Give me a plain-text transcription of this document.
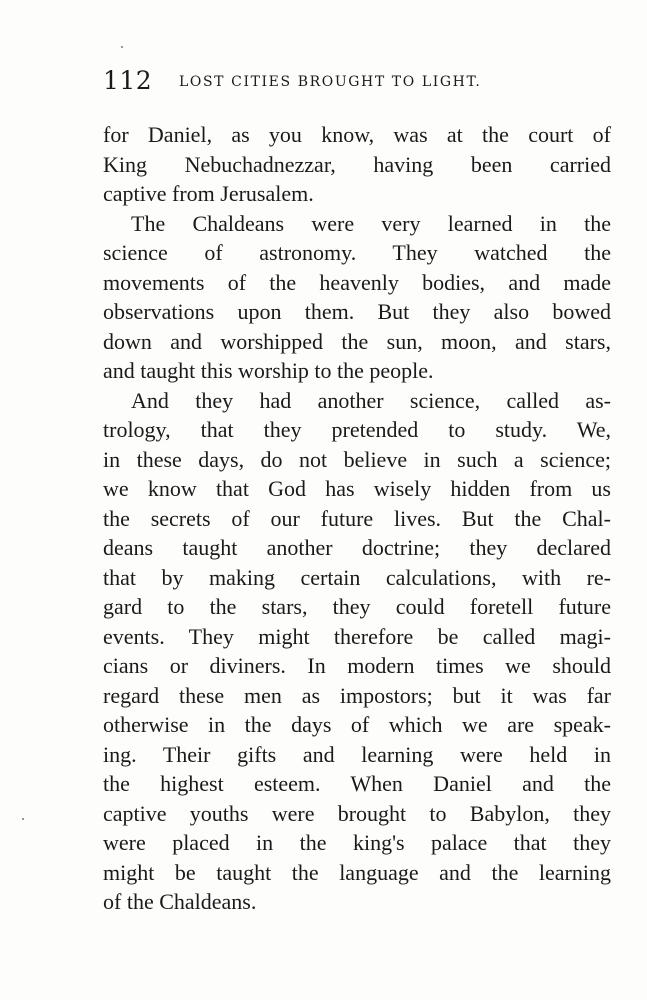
112 LOST CITIES BROUGHT TO LIGHT.
for Daniel, as you know, was at the court of
King Nebuchadnezzar, having been carried
captive from Jerusalem.
The Chaldeans were very learned in the
science of astronomy. They watched the
movements of the heavenly bodies, and made
observations upon them. But they also bowed
down and worshipped the sun, moon, and stars,
and taught this worship to the people.
And they had another science, called as-
trology, that they pretended to study. We,
in these days, do not believe in such a science;
we know that God has wisely hidden from us
the secrets of our future lives. But the Chal-
deans taught another doctrine; they declared
that by making certain calculations, with re-
gard to the stars, they could foretell future
events. They might therefore be called magi-
cians or diviners. In modern times we should
regard these men as impostors; but it was far
otherwise in the days of which we are speak-
ing. Their gifts and learning were held in
the highest esteem. When Daniel and the
captive youths were brought to Babylon, they
were placed in the king's palace that they
might be taught the language and the learning
of the Chaldeans.
